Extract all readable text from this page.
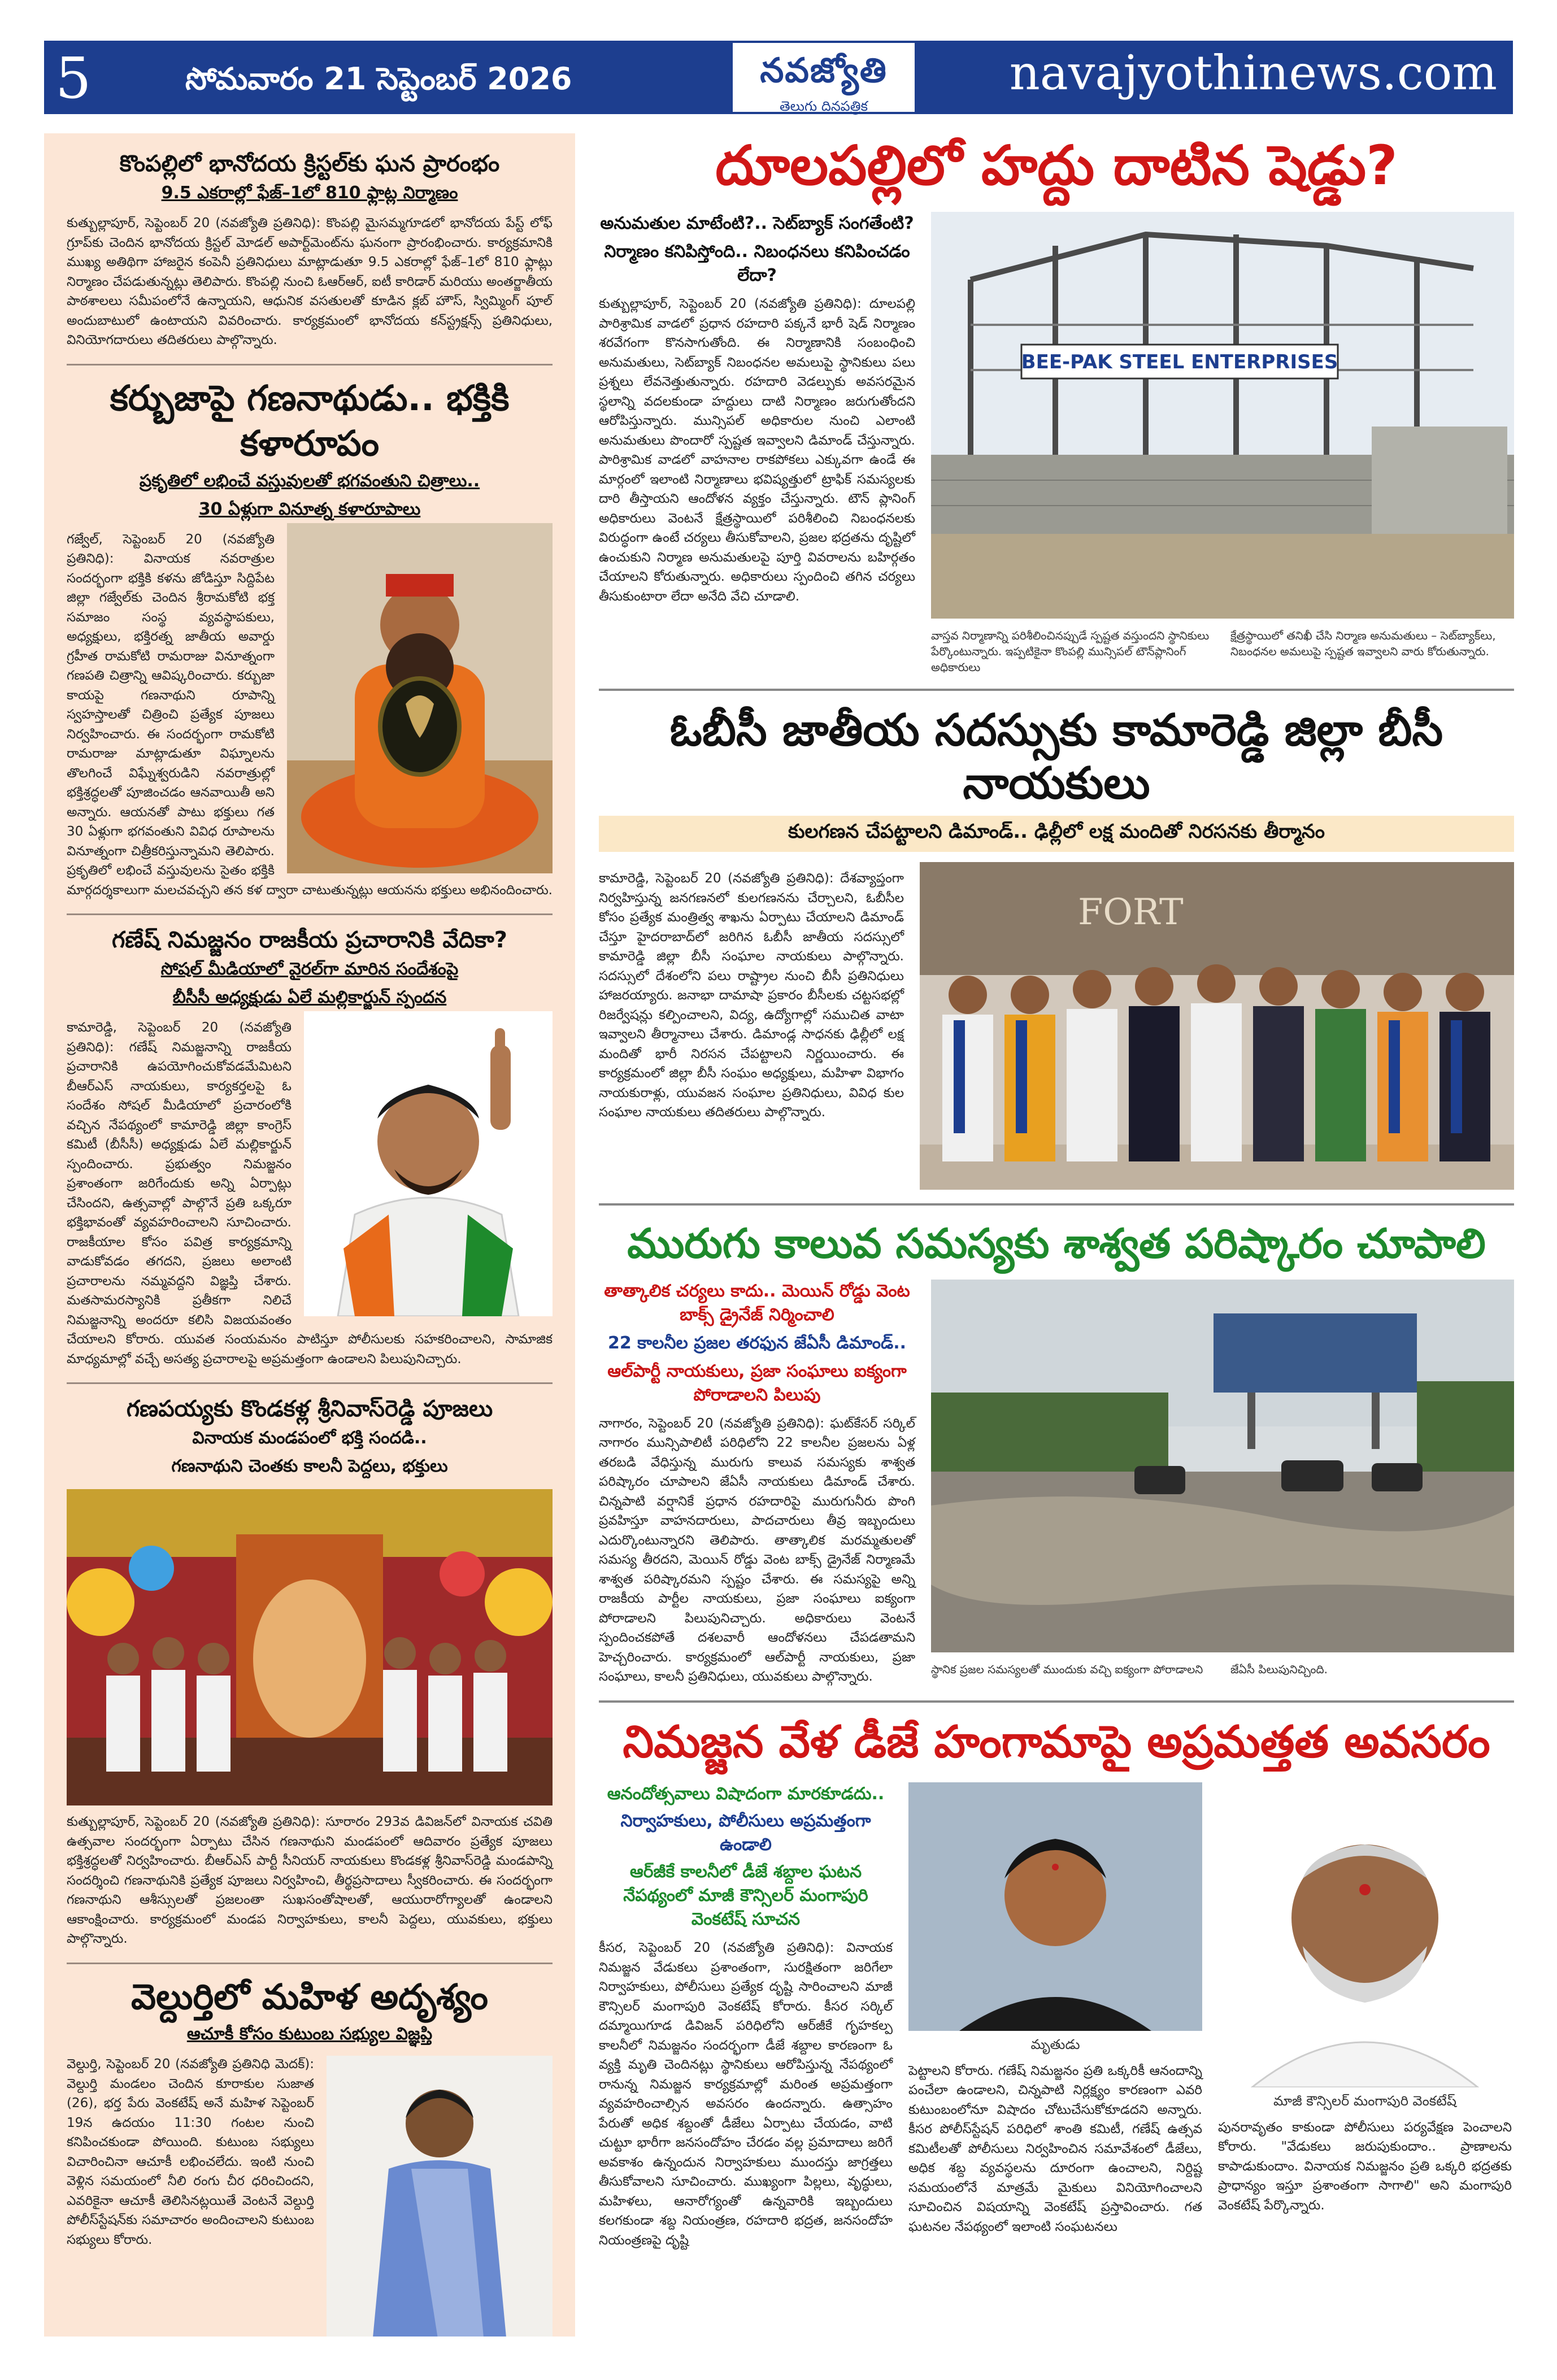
5	సోమవారం 21 సెప్టెంబర్ 2026	నవజ్యోతి
తెలుగు దినపత్రిక
navajyothinews.com
కొంపల్లిలో భానోదయ క్రిస్టల్‌కు ఘన ప్రారంభం
9.5 ఎకరాల్లో ఫేజ్–1లో 810 ఫ్లాట్ల నిర్మాణం
కుత్బుల్లాపూర్, సెప్టెంబర్ 20 (నవజ్యోతి ప్రతినిధి): కొంపల్లి మైసమ్మగూడలో భానోదయ పేస్ట్ లోఫ్ గ్రూప్‌కు చెందిన భానోదయ క్రిస్టల్ మోడల్ అపార్ట్‌మెంట్‌ను ఘనంగా ప్రారంభించారు. కార్యక్రమానికి ముఖ్య అతిథిగా హాజరైన కంపెనీ ప్రతినిధులు మాట్లాడుతూ 9.5 ఎకరాల్లో ఫేజ్–1లో 810 ఫ్లాట్లు నిర్మాణం చేపడుతున్నట్లు తెలిపారు. కొంపల్లి నుంచి ఓఆర్ఆర్, ఐటీ కారిడార్ మరియు అంతర్జాతీయ పాఠశాలలు సమీపంలోనే ఉన్నాయని, ఆధునిక వసతులతో కూడిన క్లబ్ హౌస్, స్విమ్మింగ్ పూల్ అందుబాటులో ఉంటాయని వివరించారు. కార్యక్రమంలో భానోదయ కన్‌స్ట్రక్షన్స్ ప్రతినిధులు, వినియోగదారులు తదితరులు పాల్గొన్నారు.
కర్బుజాపై గణనాథుడు.. భక్తికి కళారూపం
ప్రకృతిలో లభించే వస్తువులతో భగవంతుని చిత్రాలు..
30 ఏళ్లుగా వినూత్న కళారూపాలు
గజ్వేల్, సెప్టెంబర్ 20 (నవజ్యోతి ప్రతినిధి): వినాయక నవరాత్రుల సందర్భంగా భక్తికి కళను జోడిస్తూ సిద్దిపేట జిల్లా గజ్వేల్‌కు చెందిన శ్రీరామకోటి భక్త సమాజం సంస్థ వ్యవస్థాపకులు, అధ్యక్షులు, భక్తిరత్న జాతీయ అవార్డు గ్రహీత రామకోటి రామరాజు వినూత్నంగా గణపతి చిత్రాన్ని ఆవిష్కరించారు. కర్బుజా కాయపై గణనాథుని రూపాన్ని స్వహస్తాలతో చిత్రించి ప్రత్యేక పూజలు నిర్వహించారు. ఈ సందర్భంగా రామకోటి రామరాజు మాట్లాడుతూ విఘ్నాలను తొలగించే విఘ్నేశ్వరుడిని నవరాత్రుల్లో భక్తిశ్రద్ధలతో పూజించడం ఆనవాయితీ అని అన్నారు. ఆయనతో పాటు భక్తులు గత 30 ఏళ్లుగా భగవంతుని వివిధ రూపాలను వినూత్నంగా చిత్రీకరిస్తున్నామని తెలిపారు. ప్రకృతిలో లభించే వస్తువులను సైతం భక్తికి మార్గదర్శకాలుగా మలచవచ్చని తన కళ ద్వారా చాటుతున్నట్లు ఆయనను భక్తులు అభినందించారు.
గణేష్ నిమజ్జనం రాజకీయ ప్రచారానికి వేదికా?
సోషల్ మీడియాలో వైరల్‌గా మారిన సందేశంపై
బీసీసీ అధ్యక్షుడు ఏలే మల్లికార్జున్ స్పందన
కామారెడ్డి, సెప్టెంబర్ 20 (నవజ్యోతి ప్రతినిధి): గణేష్ నిమజ్జనాన్ని రాజకీయ ప్రచారానికి ఉపయోగించుకోవడమేమిటని బీఆర్ఎస్ నాయకులు, కార్యకర్తలపై ఓ సందేశం సోషల్ మీడియాలో ప్రచారంలోకి వచ్చిన నేపథ్యంలో కామారెడ్డి జిల్లా కాంగ్రెస్ కమిటీ (బీసీసీ) అధ్యక్షుడు ఏలే మల్లికార్జున్ స్పందించారు. ప్రభుత్వం నిమజ్జనం ప్రశాంతంగా జరిగేందుకు అన్ని ఏర్పాట్లు చేసిందని, ఉత్సవాల్లో పాల్గొనే ప్రతి ఒక్కరూ భక్తిభావంతో వ్యవహరించాలని సూచించారు. రాజకీయాల కోసం పవిత్ర కార్యక్రమాన్ని వాడుకోవడం తగదని, ప్రజలు అలాంటి ప్రచారాలను నమ్మవద్దని విజ్ఞప్తి చేశారు. మతసామరస్యానికి ప్రతీకగా నిలిచే నిమజ్జనాన్ని అందరూ కలిసి విజయవంతం చేయాలని కోరారు. యువత సంయమనం పాటిస్తూ పోలీసులకు సహకరించాలని, సామాజిక మాధ్యమాల్లో వచ్చే అసత్య ప్రచారాలపై అప్రమత్తంగా ఉండాలని పిలుపునిచ్చారు.
గణపయ్యకు కొండకళ్ల శ్రీనివాస్‌రెడ్డి పూజలు
వినాయక మండపంలో భక్తి సందడి..
గణనాథుని చెంతకు కాలనీ పెద్దలు, భక్తులు
కుత్బుల్లాపూర్, సెప్టెంబర్ 20 (నవజ్యోతి ప్రతినిధి): సూరారం 293వ డివిజన్‌లో వినాయక చవితి ఉత్సవాల సందర్భంగా ఏర్పాటు చేసిన గణనాథుని మండపంలో ఆదివారం ప్రత్యేక పూజలు భక్తిశ్రద్ధలతో నిర్వహించారు. బీఆర్ఎస్ పార్టీ సీనియర్ నాయకులు కొండకళ్ల శ్రీనివాస్‌రెడ్డి మండపాన్ని సందర్శించి గణనాథునికి ప్రత్యేక పూజలు నిర్వహించి, తీర్థప్రసాదాలు స్వీకరించారు. ఈ సందర్భంగా గణనాథుని ఆశీస్సులతో ప్రజలంతా సుఖసంతోషాలతో, ఆయురారోగ్యాలతో ఉండాలని ఆకాంక్షించారు. కార్యక్రమంలో మండప నిర్వాహకులు, కాలనీ పెద్దలు, యువకులు, భక్తులు పాల్గొన్నారు.
వెల్దుర్తిలో మహిళ అదృశ్యం
ఆచూకీ కోసం కుటుంబ సభ్యుల విజ్ఞప్తి
వెల్దుర్తి, సెప్టెంబర్ 20 (నవజ్యోతి ప్రతినిధి మెదక్): వెల్దుర్తి మండలం చెందిన కూరాకుల సుజాత (26), భర్త పేరు వెంకటేష్ అనే మహిళ సెప్టెంబర్ 19న ఉదయం 11:30 గంటల నుంచి కనిపించకుండా పోయింది. కుటుంబ సభ్యులు విచారించినా ఆచూకీ లభించలేదు. ఇంటి నుంచి వెళ్లిన సమయంలో నీలి రంగు చీర ధరించిందని, ఎవరికైనా ఆచూకీ తెలిసినట్లయితే వెంటనే వెల్దుర్తి పోలీస్‌స్టేషన్‌కు సమాచారం అందించాలని కుటుంబ సభ్యులు కోరారు.
దూలపల్లిలో హద్దు దాటిన షెడ్డు?
అనుమతుల మాటేంటి?.. సెట్‌బ్యాక్ సంగతేంటి?
నిర్మాణం కనిపిస్తోంది.. నిబంధనలు కనిపించడం లేదా?
కుత్బుల్లాపూర్, సెప్టెంబర్ 20 (నవజ్యోతి ప్రతినిధి): దూలపల్లి పారిశ్రామిక వాడలో ప్రధాన రహదారి పక్కనే భారీ షెడ్ నిర్మాణం శరవేగంగా కొనసాగుతోంది. ఈ నిర్మాణానికి సంబంధించి అనుమతులు, సెట్‌బ్యాక్ నిబంధనల అమలుపై స్థానికులు పలు ప్రశ్నలు లేవనెత్తుతున్నారు. రహదారి వెడల్పుకు అవసరమైన స్థలాన్ని వదలకుండా హద్దులు దాటి నిర్మాణం జరుగుతోందని ఆరోపిస్తున్నారు. మున్సిపల్ అధికారుల నుంచి ఎలాంటి అనుమతులు పొందారో స్పష్టత ఇవ్వాలని డిమాండ్ చేస్తున్నారు. పారిశ్రామిక వాడలో వాహనాల రాకపోకలు ఎక్కువగా ఉండే ఈ మార్గంలో ఇలాంటి నిర్మాణాలు భవిష్యత్తులో ట్రాఫిక్ సమస్యలకు దారి తీస్తాయని ఆందోళన వ్యక్తం చేస్తున్నారు. టౌన్ ప్లానింగ్ అధికారులు వెంటనే క్షేత్రస్థాయిలో పరిశీలించి నిబంధనలకు విరుద్ధంగా ఉంటే చర్యలు తీసుకోవాలని, ప్రజల భద్రతను దృష్టిలో ఉంచుకుని నిర్మాణ అనుమతులపై పూర్తి వివరాలను బహిర్గతం చేయాలని కోరుతున్నారు. అధికారులు స్పందించి తగిన చర్యలు తీసుకుంటారా లేదా అనేది వేచి చూడాలి.
BEE-PAK STEEL ENTERPRISES
వాస్తవ నిర్మాణాన్ని పరిశీలించినప్పుడే స్పష్టత వస్తుందని స్థానికులు పేర్కొంటున్నారు. ఇప్పటికైనా కొంపల్లి మున్సిపల్ టౌన్‌ప్లానింగ్ అధికారులు
క్షేత్రస్థాయిలో తనిఖీ చేసి నిర్మాణ అనుమతులు – సెట్‌బ్యాక్‌లు, నిబంధనల అమలుపై స్పష్టత ఇవ్వాలని వారు కోరుతున్నారు.
ఓబీసీ జాతీయ సదస్సుకు కామారెడ్డి జిల్లా బీసీ నాయకులు
కులగణన చేపట్టాలని డిమాండ్.. ఢిల్లీలో లక్ష మందితో నిరసనకు తీర్మానం
కామారెడ్డి, సెప్టెంబర్ 20 (నవజ్యోతి ప్రతినిధి): దేశవ్యాప్తంగా నిర్వహిస్తున్న జనగణనలో కులగణనను చేర్చాలని, ఓబీసీల కోసం ప్రత్యేక మంత్రిత్వ శాఖను ఏర్పాటు చేయాలని డిమాండ్ చేస్తూ హైదరాబాద్‌లో జరిగిన ఓబీసీ జాతీయ సదస్సులో కామారెడ్డి జిల్లా బీసీ సంఘాల నాయకులు పాల్గొన్నారు. సదస్సులో దేశంలోని పలు రాష్ట్రాల నుంచి బీసీ ప్రతినిధులు హాజరయ్యారు. జనాభా దామాషా ప్రకారం బీసీలకు చట్టసభల్లో రిజర్వేషన్లు కల్పించాలని, విద్య, ఉద్యోగాల్లో సముచిత వాటా ఇవ్వాలని తీర్మానాలు చేశారు. డిమాండ్ల సాధనకు ఢిల్లీలో లక్ష మందితో భారీ నిరసన చేపట్టాలని నిర్ణయించారు. ఈ కార్యక్రమంలో జిల్లా బీసీ సంఘం అధ్యక్షులు, మహిళా విభాగం నాయకురాళ్లు, యువజన సంఘాల ప్రతినిధులు, వివిధ కుల సంఘాల నాయకులు తదితరులు పాల్గొన్నారు.
FORT
మురుగు కాలువ సమస్యకు శాశ్వత పరిష్కారం చూపాలి
తాత్కాలిక చర్యలు కాదు.. మెయిన్ రోడ్డు వెంట బాక్స్ డ్రైనేజ్ నిర్మించాలి
22 కాలనీల ప్రజల తరఫున జేఏసీ డిమాండ్..
ఆల్‌పార్టీ నాయకులు, ప్రజా సంఘాలు ఐక్యంగా పోరాడాలని పిలుపు
నాగారం, సెప్టెంబర్ 20 (నవజ్యోతి ప్రతినిధి): ఘట్‌కేసర్ సర్కిల్ నాగారం మున్సిపాలిటీ పరిధిలోని 22 కాలనీల ప్రజలను ఏళ్ల తరబడి వేధిస్తున్న మురుగు కాలువ సమస్యకు శాశ్వత పరిష్కారం చూపాలని జేఏసీ నాయకులు డిమాండ్ చేశారు. చిన్నపాటి వర్షానికే ప్రధాన రహదారిపై మురుగునీరు పొంగి ప్రవహిస్తూ వాహనదారులు, పాదచారులు తీవ్ర ఇబ్బందులు ఎదుర్కొంటున్నారని తెలిపారు. తాత్కాలిక మరమ్మతులతో సమస్య తీరదని, మెయిన్ రోడ్డు వెంట బాక్స్ డ్రైనేజ్ నిర్మాణమే శాశ్వత పరిష్కారమని స్పష్టం చేశారు. ఈ సమస్యపై అన్ని రాజకీయ పార్టీల నాయకులు, ప్రజా సంఘాలు ఐక్యంగా పోరాడాలని పిలుపునిచ్చారు. అధికారులు వెంటనే స్పందించకపోతే దశలవారీ ఆందోళనలు చేపడతామని హెచ్చరించారు. కార్యక్రమంలో ఆల్‌పార్టీ నాయకులు, ప్రజా సంఘాలు, కాలనీ ప్రతినిధులు, యువకులు పాల్గొన్నారు.
స్థానిక ప్రజల సమస్యలతో ముందుకు వచ్చి ఐక్యంగా పోరాడాలని	జేఏసీ పిలుపునిచ్చింది.
నిమజ్జన వేళ డీజే హంగామాపై అప్రమత్తత అవసరం
ఆనందోత్సవాలు విషాదంగా మారకూడదు..
నిర్వాహకులు, పోలీసులు అప్రమత్తంగా ఉండాలి
ఆర్‌జీకే కాలనీలో డీజే శబ్దాల ఘటన నేపథ్యంలో మాజీ కౌన్సిలర్ మంగాపురి వెంకటేష్ సూచన
కీసర, సెప్టెంబర్ 20 (నవజ్యోతి ప్రతినిధి): వినాయక నిమజ్జన వేడుకలు ప్రశాంతంగా, సురక్షితంగా జరిగేలా నిర్వాహకులు, పోలీసులు ప్రత్యేక దృష్టి సారించాలని మాజీ కౌన్సిలర్ మంగాపురి వెంకటేష్ కోరారు. కీసర సర్కిల్ దమ్మాయిగూడ డివిజన్ పరిధిలోని ఆర్‌జీకే గృహకల్ప కాలనీలో నిమజ్జనం సందర్భంగా డీజే శబ్దాల కారణంగా ఓ వ్యక్తి మృతి చెందినట్లు స్థానికులు ఆరోపిస్తున్న నేపథ్యంలో రానున్న నిమజ్జన కార్యక్రమాల్లో మరింత అప్రమత్తంగా వ్యవహరించాల్సిన అవసరం ఉందన్నారు. ఉత్సాహం పేరుతో అధిక శబ్దంతో డీజేలు ఏర్పాటు చేయడం, వాటి చుట్టూ భారీగా జనసందోహం చేరడం వల్ల ప్రమాదాలు జరిగే అవకాశం ఉన్నందున నిర్వాహకులు ముందస్తు జాగ్రత్తలు తీసుకోవాలని సూచించారు. ముఖ్యంగా పిల్లలు, వృద్ధులు, మహిళలు, ఆనారోగ్యంతో ఉన్నవారికి ఇబ్బందులు కలగకుండా శబ్ద నియంత్రణ, రహదారి భద్రత, జనసందోహ నియంత్రణపై దృష్టి
మృతుడు
పెట్టాలని కోరారు. గణేష్ నిమజ్జనం ప్రతి ఒక్కరికీ ఆనందాన్ని పంచేలా ఉండాలని, చిన్నపాటి నిర్లక్ష్యం కారణంగా ఎవరి కుటుంబంలోనూ విషాదం చోటుచేసుకోకూడదని అన్నారు. కీసర పోలీస్‌స్టేషన్ పరిధిలో శాంతి కమిటీ, గణేష్ ఉత్సవ కమిటీలతో పోలీసులు నిర్వహించిన సమావేశంలో డీజేలు, అధిక శబ్ద వ్యవస్థలను దూరంగా ఉంచాలని, నిర్దిష్ట సమయంలోనే మాత్రమే మైకులు వినియోగించాలని సూచించిన విషయాన్ని వెంకటేష్ ప్రస్తావించారు. గత ఘటనల నేపథ్యంలో ఇలాంటి సంఘటనలు
మాజీ కౌన్సిలర్ మంగాపురి వెంకటేష్
పునరావృతం కాకుండా పోలీసులు పర్యవేక్షణ పెంచాలని కోరారు. "వేడుకలు జరుపుకుందాం.. ప్రాణాలను కాపాడుకుందాం. వినాయక నిమజ్జనం ప్రతి ఒక్కరి భద్రతకు ప్రాధాన్యం ఇస్తూ ప్రశాంతంగా సాగాలి" అని మంగాపురి వెంకటేష్ పేర్కొన్నారు.
